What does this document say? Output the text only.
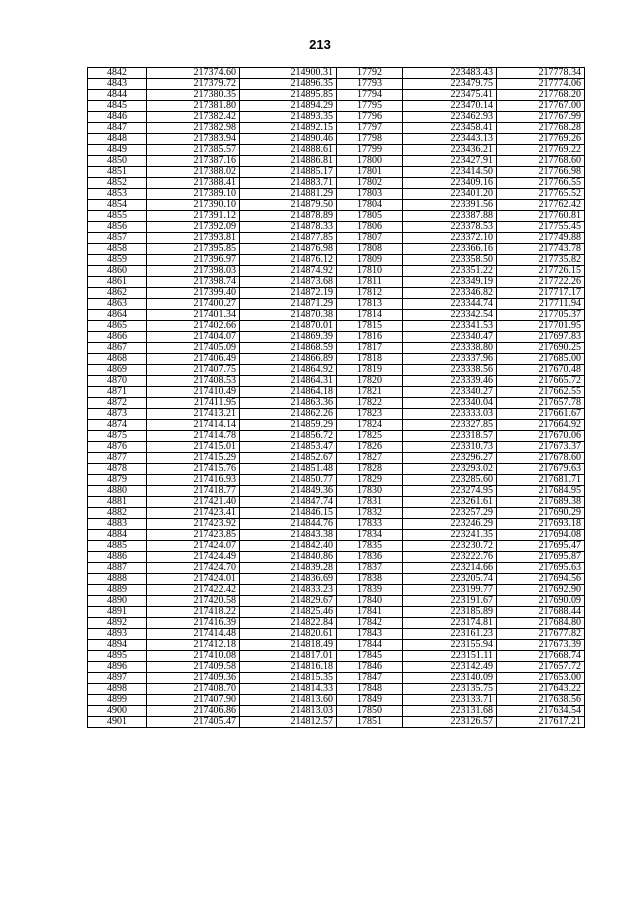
213
4842	217374.60	214900.31	17792	223483.43	217778.34
4843	217379.72	214896.35	17793	223479.75	217774.06
4844	217380.35	214895.85	17794	223475.41	217768.20
4845	217381.80	214894.29	17795	223470.14	217767.00
4846	217382.42	214893.35	17796	223462.93	217767.99
4847	217382.98	214892.15	17797	223458.41	217768.28
4848	217383.94	214890.46	17798	223443.13	217769.26
4849	217385.57	214888.61	17799	223436.21	217769.22
4850	217387.16	214886.81	17800	223427.91	217768.60
4851	217388.02	214885.17	17801	223414.50	217766.98
4852	217388.41	214883.71	17802	223409.16	217766.55
4853	217389.10	214881.29	17803	223401.20	217765.52
4854	217390.10	214879.50	17804	223391.56	217762.42
4855	217391.12	214878.89	17805	223387.88	217760.81
4856	217392.09	214878.33	17806	223378.53	217755.45
4857	217393.81	214877.85	17807	223372.10	217749.88
4858	217395.85	214876.98	17808	223366.16	217743.78
4859	217396.97	214876.12	17809	223358.50	217735.82
4860	217398.03	214874.92	17810	223351.22	217726.15
4861	217398.74	214873.68	17811	223349.19	217722.26
4862	217399.40	214872.19	17812	223346.82	217717.17
4863	217400.27	214871.29	17813	223344.74	217711.94
4864	217401.34	214870.38	17814	223342.54	217705.37
4865	217402.66	214870.01	17815	223341.53	217701.95
4866	217404.07	214869.39	17816	223340.47	217697.83
4867	217405.09	214868.59	17817	223338.80	217690.25
4868	217406.49	214866.89	17818	223337.96	217685.00
4869	217407.75	214864.92	17819	223338.56	217670.48
4870	217408.53	214864.31	17820	223339.46	217665.72
4871	217410.49	214864.18	17821	223340.27	217662.55
4872	217411.95	214863.36	17822	223340.04	217657.78
4873	217413.21	214862.26	17823	223333.03	217661.67
4874	217414.14	214859.29	17824	223327.85	217664.92
4875	217414.78	214856.72	17825	223318.57	217670.06
4876	217415.01	214853.47	17826	223310.73	217673.37
4877	217415.29	214852.67	17827	223296.27	217678.60
4878	217415.76	214851.48	17828	223293.02	217679.63
4879	217416.93	214850.77	17829	223285.60	217681.71
4880	217418.77	214849.36	17830	223274.95	217684.95
4881	217421.40	214847.74	17831	223261.61	217689.38
4882	217423.41	214846.15	17832	223257.29	217690.29
4883	217423.92	214844.76	17833	223246.29	217693.18
4884	217423.85	214843.38	17834	223241.35	217694.08
4885	217424.07	214842.40	17835	223230.72	217695.47
4886	217424.49	214840.86	17836	223222.76	217695.87
4887	217424.70	214839.28	17837	223214.66	217695.63
4888	217424.01	214836.69	17838	223205.74	217694.56
4889	217422.42	214833.23	17839	223199.77	217692.90
4890	217420.58	214829.67	17840	223191.67	217690.09
4891	217418.22	214825.46	17841	223185.89	217688.44
4892	217416.39	214822.84	17842	223174.81	217684.80
4893	217414.48	214820.61	17843	223161.23	217677.82
4894	217412.18	214818.49	17844	223155.94	217673.39
4895	217410.08	214817.01	17845	223151.11	217668.74
4896	217409.58	214816.18	17846	223142.49	217657.72
4897	217409.36	214815.35	17847	223140.09	217653.00
4898	217408.70	214814.33	17848	223135.75	217643.22
4899	217407.90	214813.60	17849	223133.71	217638.56
4900	217406.86	214813.03	17850	223131.68	217634.54
4901	217405.47	214812.57	17851	223126.57	217617.21
